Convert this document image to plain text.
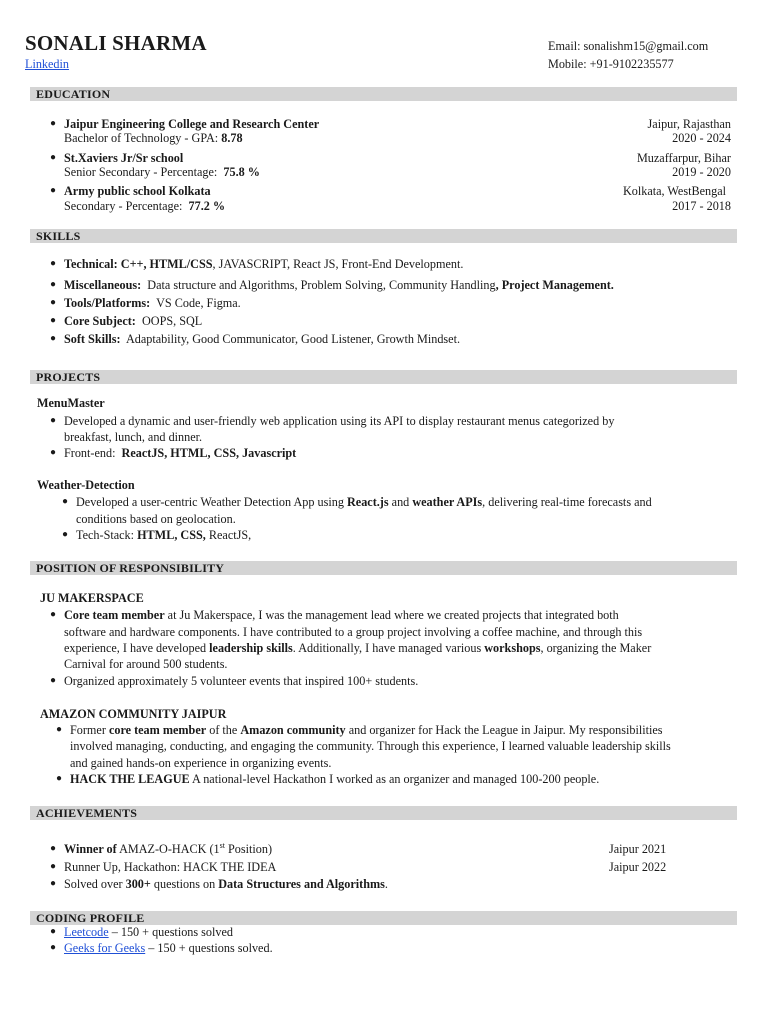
SONALI SHARMA
Linkedin
Email: sonalishm15@gmail.com
Mobile: +91-9102235577
EDUCATION
● Jaipur Engineering College and Research Center
Bachelor of Technology - GPA: 8.78
Jaipur, Rajasthan
2020 - 2024
● St.Xaviers Jr/Sr school
Senior Secondary - Percentage: 75.8 %
Muzaffarpur, Bihar
2019 - 2020
● Army public school Kolkata
Secondary - Percentage: 77.2 %
Kolkata, WestBengal
2017 - 2018
SKILLS
● Technical: C++, HTML/CSS, JAVASCRIPT, React JS, Front-End Development.
● Miscellaneous: Data structure and Algorithms, Problem Solving, Community Handling, Project Management.
● Tools/Platforms: VS Code, Figma.
● Core Subject: OOPS, SQL
● Soft Skills: Adaptability, Good Communicator, Good Listener, Growth Mindset.
PROJECTS
MenuMaster
● Developed a dynamic and user-friendly web application using its API to display restaurant menus categorized by
breakfast, lunch, and dinner.
● Front-end: ReactJS, HTML, CSS, Javascript
Weather-Detection
● Developed a user-centric Weather Detection App using React.js and weather APIs, delivering real-time forecasts and
conditions based on geolocation.
● Tech-Stack: HTML, CSS, ReactJS,
POSITION OF RESPONSIBILITY
JU MAKERSPACE
● Core team member at Ju Makerspace, I was the management lead where we created projects that integrated both
software and hardware components. I have contributed to a group project involving a coffee machine, and through this
experience, I have developed leadership skills. Additionally, I have managed various workshops, organizing the Maker
Carnival for around 500 students.
● Organized approximately 5 volunteer events that inspired 100+ students.
AMAZON COMMUNITY JAIPUR
● Former core team member of the Amazon community and organizer for Hack the League in Jaipur. My responsibilities
involved managing, conducting, and engaging the community. Through this experience, I learned valuable leadership skills
and gained hands-on experience in organizing events.
● HACK THE LEAGUE A national-level Hackathon I worked as an organizer and managed 100-200 people.
ACHIEVEMENTS
● Winner of AMAZ-O-HACK (1st Position)	Jaipur 2021
● Runner Up, Hackathon: HACK THE IDEA	Jaipur 2022
● Solved over 300+ questions on Data Structures and Algorithms.
CODING PROFILE
● Leetcode – 150 + questions solved
● Geeks for Geeks – 150 + questions solved.
